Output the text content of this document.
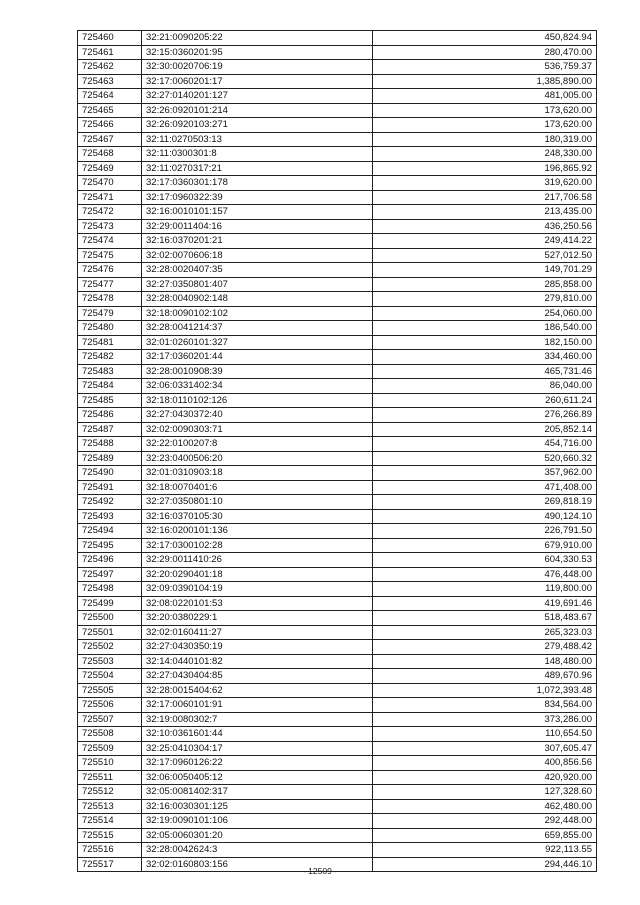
725460	32:21:0090205:22	450,824.94
725461	32:15:0360201:95	280,470.00
725462	32:30:0020706:19	536,759.37
725463	32:17:0060201:17	1,385,890.00
725464	32:27:0140201:127	481,005.00
725465	32:26:0920101:214	173,620.00
725466	32:26:0920103:271	173,620.00
725467	32:11:0270503:13	180,319.00
725468	32:11:0300301:8	248,330.00
725469	32:11:0270317:21	196,865.92
725470	32:17:0360301:178	319,620.00
725471	32:17:0960322:39	217,706.58
725472	32:16:0010101:157	213,435.00
725473	32:29:0011404:16	436,250.56
725474	32:16:0370201:21	249,414.22
725475	32:02:0070606:18	527,012.50
725476	32:28:0020407:35	149,701.29
725477	32:27:0350801:407	285,858.00
725478	32:28:0040902:148	279,810.00
725479	32:18:0090102:102	254,060.00
725480	32:28:0041214:37	186,540.00
725481	32:01:0260101:327	182,150.00
725482	32:17:0360201:44	334,460.00
725483	32:28:0010908:39	465,731.46
725484	32:06:0331402:34	86,040.00
725485	32:18:0110102:126	260,611.24
725486	32:27:0430372:40	276,266.89
725487	32:02:0090303:71	205,852.14
725488	32:22:0100207:8	454,716.00
725489	32:23:0400506:20	520,660.32
725490	32:01:0310903:18	357,962.00
725491	32:18:0070401:6	471,408.00
725492	32:27:0350801:10	269,818.19
725493	32:16:0370105:30	490,124.10
725494	32:16:0200101:136	226,791.50
725495	32:17:0300102:28	679,910.00
725496	32:29:0011410:26	604,330.53
725497	32:20:0290401:18	476,448.00
725498	32:09:0390104:19	119,800.00
725499	32:08:0220101:53	419,691.46
725500	32:20:0380229:1	518,483.67
725501	32:02:0160411:27	265,323.03
725502	32:27:0430350:19	279,488.42
725503	32:14:0440101:82	148,480.00
725504	32:27:0430404:85	489,670.96
725505	32:28:0015404:62	1,072,393.48
725506	32:17:0060101:91	834,564.00
725507	32:19:0080302:7	373,286.00
725508	32:10:0361601:44	110,654.50
725509	32:25:0410304:17	307,605.47
725510	32:17:0960126:22	400,856.56
725511	32:06:0050405:12	420,920.00
725512	32:05:0081402:317	127,328.60
725513	32:16:0030301:125	462,480.00
725514	32:19:0090101:106	292,448.00
725515	32:05:0060301:20	659,855.00
725516	32:28:0042624:3	922,113.55
725517	32:02:0160803:156	294,446.10
- 12509 -
